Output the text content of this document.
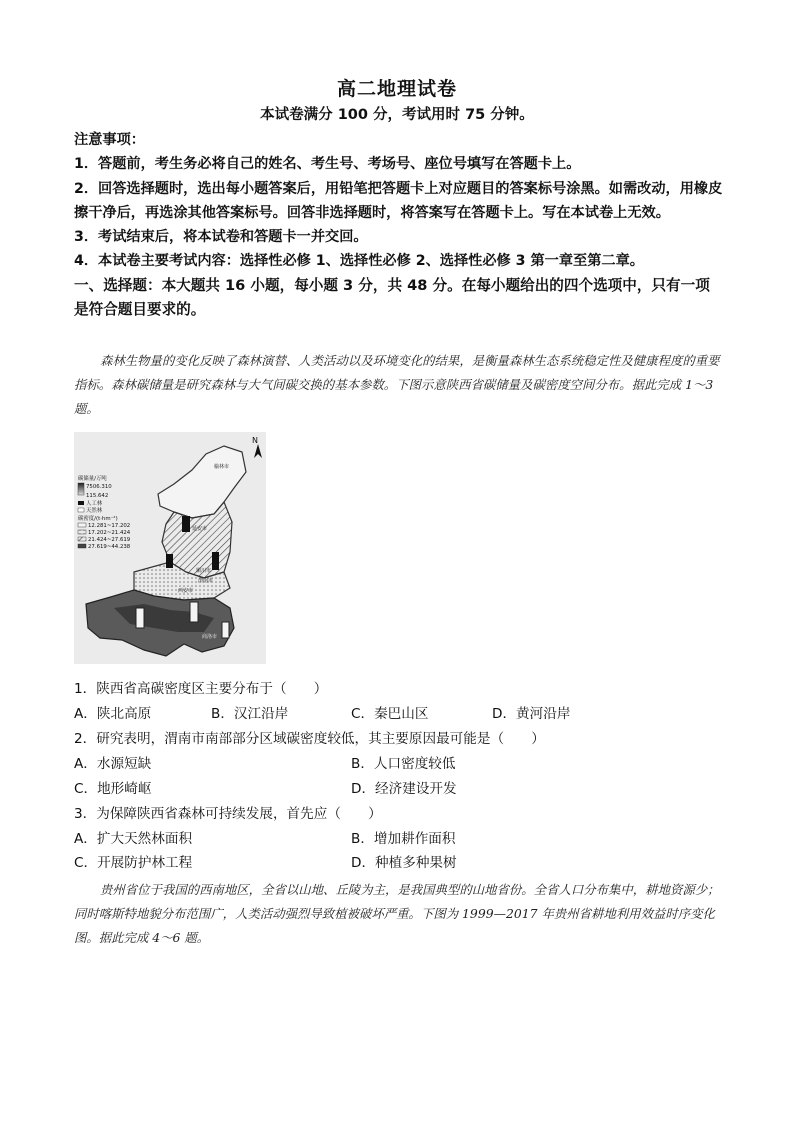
高二地理试卷
本试卷满分 100 分，考试用时 75 分钟。

注意事项：

1．答题前，考生务必将自己的姓名、考生号、考场号、座位号填写在答题卡上。

2．回答选择题时，选出每小题答案后，用铅笔把答题卡上对应题目的答案标号涂黑。如需改动，用橡皮擦干净后，再选涂其他答案标号。回答非选择题时，将答案写在答题卡上。写在本试卷上无效。

3．考试结束后，将本试卷和答题卡一并交回。

4．本试卷主要考试内容：选择性必修 1、选择性必修 2、选择性必修 3 第一章至第二章。

一、选择题：本大题共 16 小题，每小题 3 分，共 48 分。在每小题给出的四个选项中，只有一项是符合题目要求的。

森林生物量的变化反映了森林演替、人类活动以及环境变化的结果，是衡量森林生态系统稳定性及健康程度的重要指标。森林碳储量是研究森林与大气间碳交换的基本参数。下图示意陕西省碳储量及碳密度空间分布。据此完成 1～3 题。
N
碳储量/万吨
7506.310
115.642
人工林
天然林
碳密度/(t·hm⁻²)
12.281~17.202
17.202~21.424
21.424~27.619
27.619~44.238
榆林市
延安市
铜川市
渭南市
西安市
商洛市
1．陕西省高碳密度区主要分布于（　　）
A．陕北高原	B．汉江沿岸	C．秦巴山区	D．黄河沿岸
2．研究表明，渭南市南部部分区域碳密度较低，其主要原因最可能是（　　）
A．水源短缺	B．人口密度较低
C．地形崎岖	D．经济建设开发
3．为保障陕西省森林可持续发展，首先应（　　）
A．扩大天然林面积	B．增加耕作面积
C．开展防护林工程	D．种植多种果树
贵州省位于我国的西南地区，全省以山地、丘陵为主，是我国典型的山地省份。全省人口分布集中，耕地资源少；同时喀斯特地貌分布范围广，人类活动强烈导致植被破坏严重。下图为 1999—2017 年贵州省耕地利用效益时序变化图。据此完成 4～6 题。
